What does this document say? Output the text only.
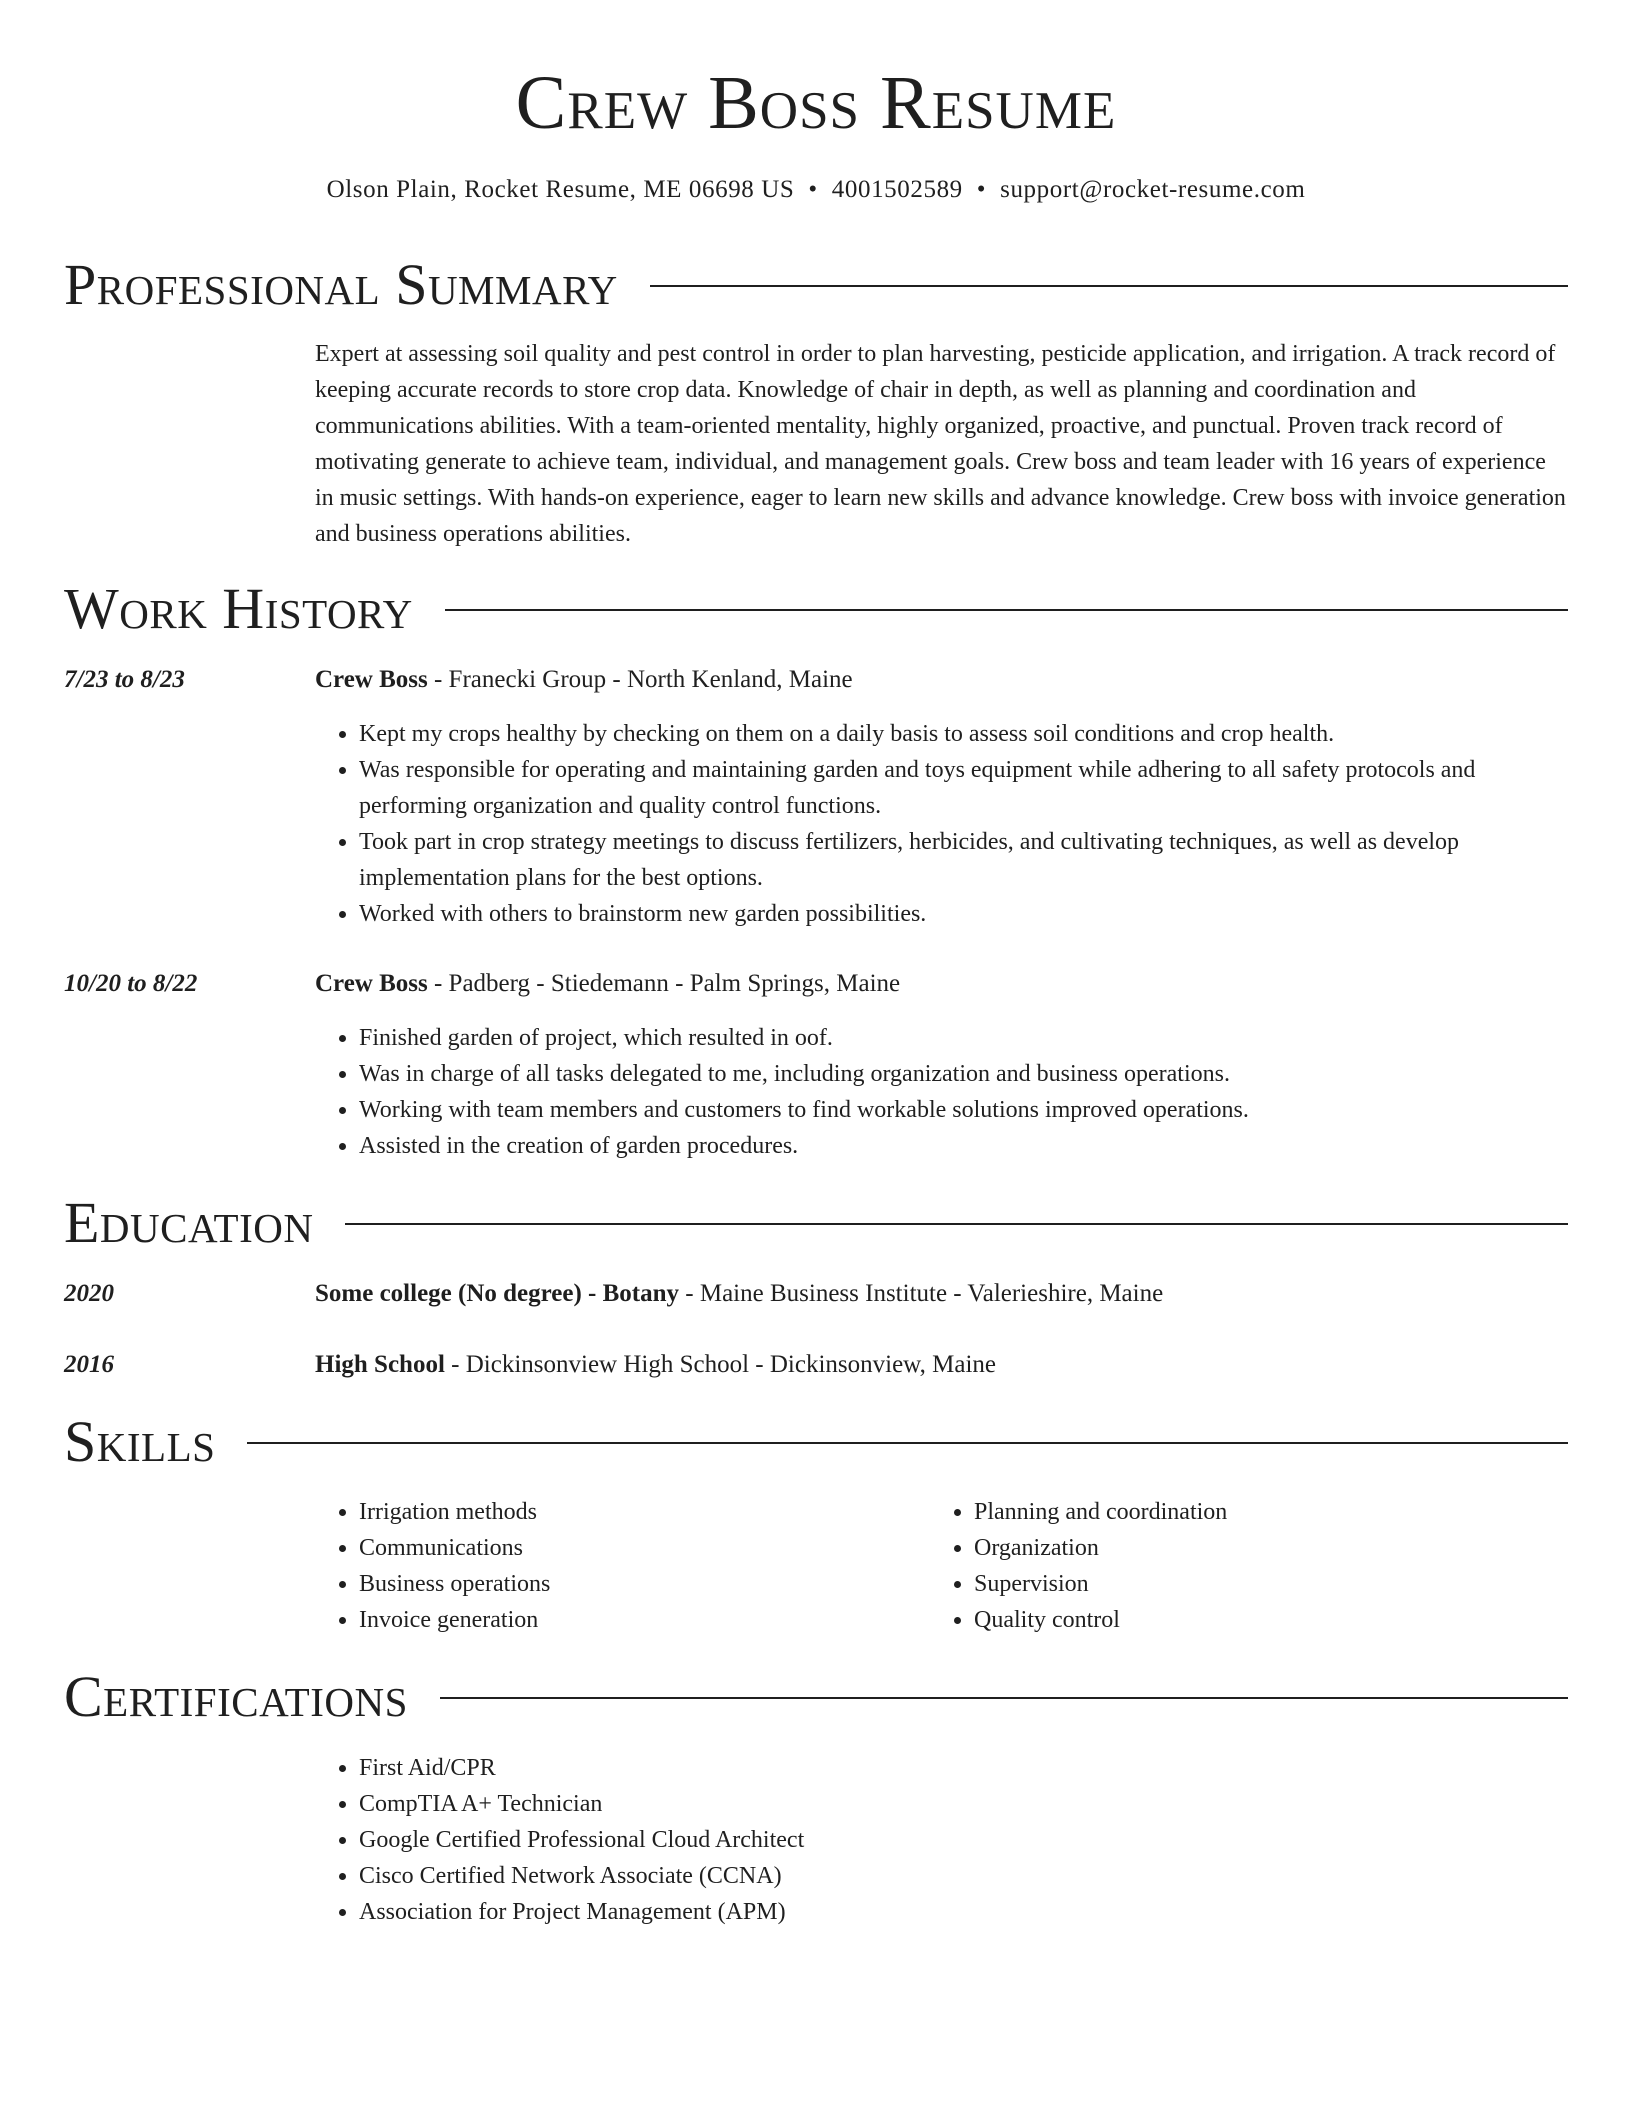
Crew Boss Resume
Olson Plain, Rocket Resume, ME 06698 US • 4001502589 • support@rocket-resume.com
Professional Summary

Expert at assessing soil quality and pest control in order to plan harvesting, pesticide application, and irrigation. A track record of keeping accurate records to store crop data. Knowledge of chair in depth, as well as planning and coordination and communications abilities. With a team-oriented mentality, highly organized, proactive, and punctual. Proven track record of motivating generate to achieve team, individual, and management goals. Crew boss and team leader with 16 years of experience in music settings. With hands-on experience, eager to learn new skills and advance knowledge. Crew boss with invoice generation and business operations abilities.

Work History
7/23 to 8/23	Crew Boss - Franecki Group - North Kenland, Maine
• Kept my crops healthy by checking on them on a daily basis to assess soil conditions and crop health.
• Was responsible for operating and maintaining garden and toys equipment while adhering to all safety protocols and performing organization and quality control functions.
• Took part in crop strategy meetings to discuss fertilizers, herbicides, and cultivating techniques, as well as develop implementation plans for the best options.
• Worked with others to brainstorm new garden possibilities.
10/20 to 8/22	Crew Boss - Padberg - Stiedemann - Palm Springs, Maine
• Finished garden of project, which resulted in oof.
• Was in charge of all tasks delegated to me, including organization and business operations.
• Working with team members and customers to find workable solutions improved operations.
• Assisted in the creation of garden procedures.
Education
2020	Some college (No degree) - Botany - Maine Business Institute - Valerieshire, Maine
2016	High School - Dickinsonview High School - Dickinsonview, Maine
Skills
• Irrigation methods
• Communications
• Business operations
• Invoice generation
• Planning and coordination
• Organization
• Supervision
• Quality control
Certifications
• First Aid/CPR
• CompTIA A+ Technician
• Google Certified Professional Cloud Architect
• Cisco Certified Network Associate (CCNA)
• Association for Project Management (APM)
